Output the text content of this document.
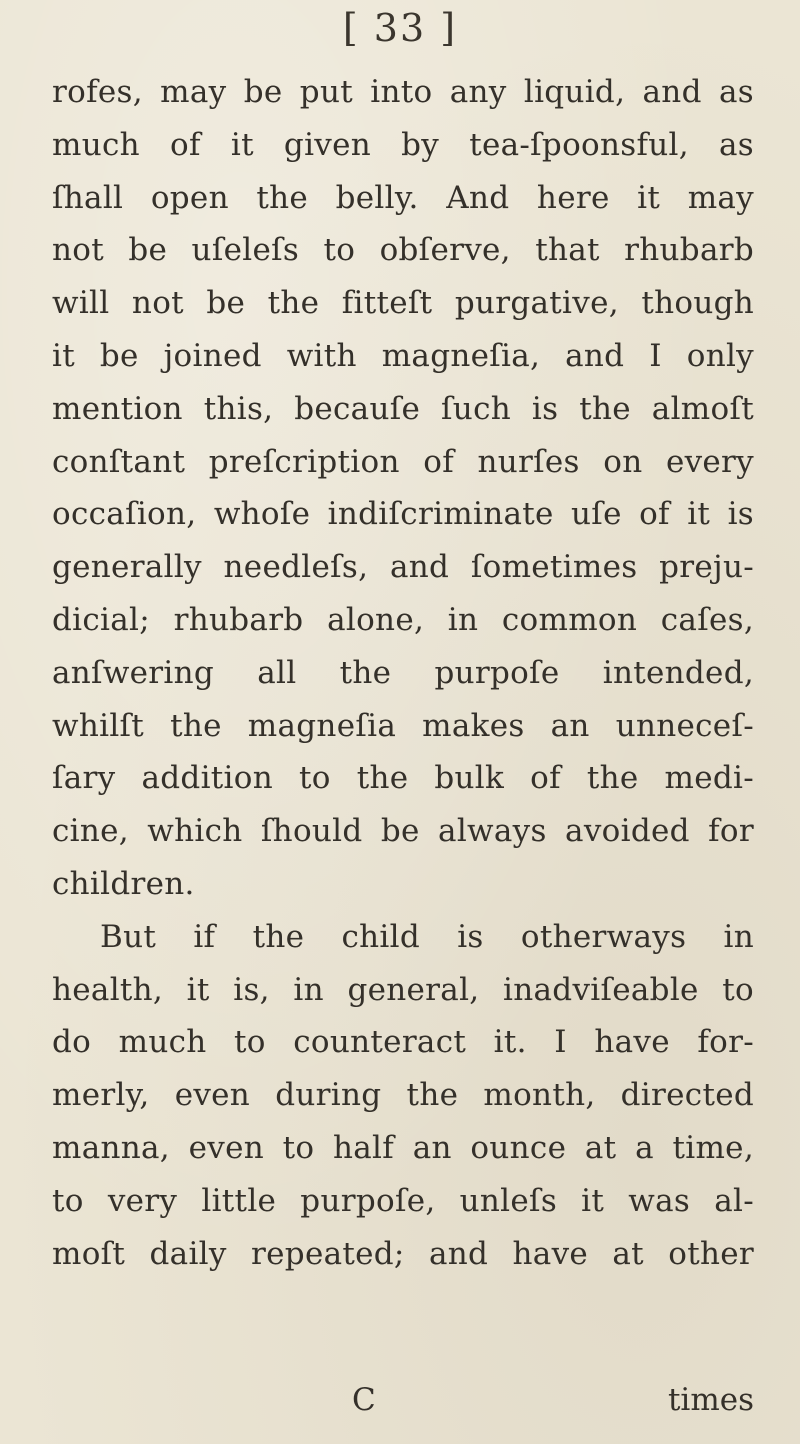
[ 33 ]
rofes, may be put into any liquid, and as
much of it given by tea-ſpoonsful, as
ſhall open the belly. And here it may
not be uſeleſs to obſerve, that rhubarb
will not be the fitteſt purgative, though
it be joined with magneſia, and I only
mention this, becauſe ſuch is the almoſt
conſtant preſcription of nurſes on every
occaſion, whoſe indiſcriminate uſe of it is
generally needleſs, and ſometimes preju-
dicial; rhubarb alone, in common caſes,
anſwering all the purpoſe intended,
whilſt the magneſia makes an unneceſ-
ſary addition to the bulk of the medi-
cine, which ſhould be always avoided for
children.
But if the child is otherways in
health, it is, in general, inadviſeable to
do much to counteract it. I have for-
merly, even during the month, directed
manna, even to half an ounce at a time,
to very little purpoſe, unleſs it was al-
moſt daily repeated; and have at other
C	times
